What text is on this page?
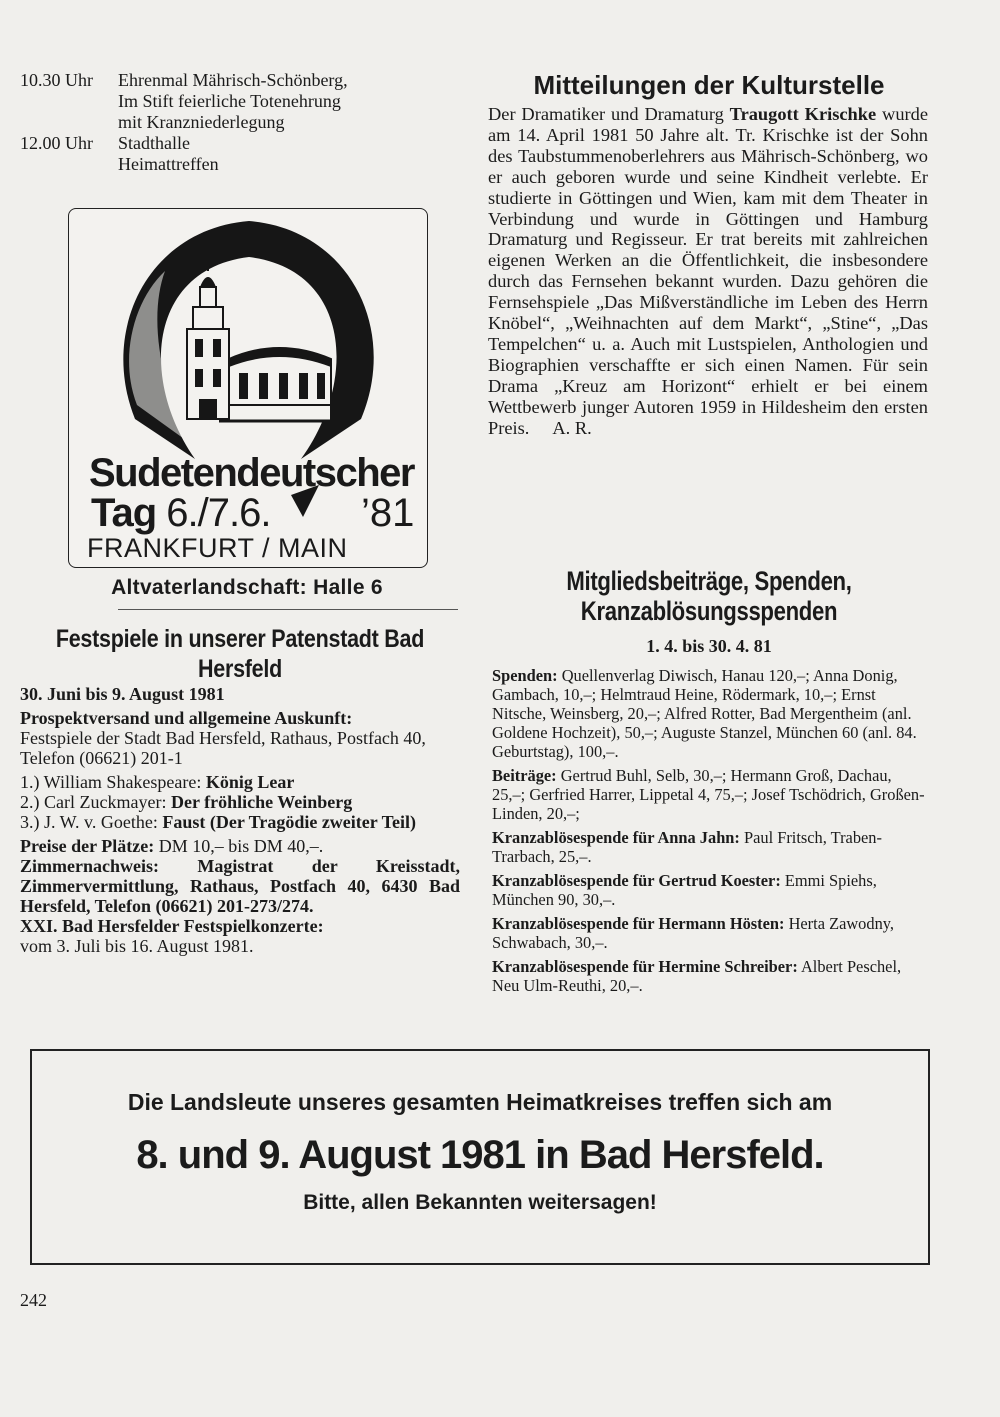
10.30 Uhr	Ehrenmal Mährisch-Schönberg,
Im Stift feierliche Totenehrung
mit Kranzniederlegung
12.00 Uhr	Stadthalle
Heimattreffen
Sudetendeutscher
Tag 6./7.6. ’81
FRANKFURT / MAIN
Altvaterlandschaft: Halle 6
Festspiele in unserer Patenstadt Bad Hersfeld

30. Juni bis 9. August 1981

Prospektversand und allgemeine Auskunft:
Festspiele der Stadt Bad Hersfeld, Rathaus, Postfach 40, Telefon (06621) 201-1

1.) William Shakespeare: König Lear
2.) Carl Zuckmayer: Der fröhliche Weinberg

3.) J. W. v. Goethe: Faust (Der Tragödie zweiter Teil)

Preise der Plätze: DM 10,– bis DM 40,–.
Zimmernachweis: Magistrat der Kreisstadt, Zimmervermittlung, Rathaus, Postfach 40, 6430 Bad Hersfeld, Telefon (06621) 201-273/274.
XXI. Bad Hersfelder Festspielkonzerte:
vom 3. Juli bis 16. August 1981.
Mitteilungen der Kulturstelle

Der Dramatiker und Dramaturg Traugott Krischke wurde am 14. April 1981 50 Jahre alt. Tr. Krischke ist der Sohn des Taubstummenoberlehrers aus Mährisch-Schönberg, wo er auch geboren wurde und seine Kindheit verlebte. Er studierte in Göttingen und Wien, kam mit dem Theater in Verbindung und wurde in Göttingen und Hamburg Dramaturg und Regisseur. Er trat bereits mit zahlreichen eigenen Werken an die Öffentlichkeit, die insbesondere durch das Fernsehen bekannt wurden. Dazu gehören die Fernsehspiele „Das Mißverständliche im Leben des Herrn Knöbel“, „Weihnachten auf dem Markt“, „Stine“, „Das Tempelchen“ u. a. Auch mit Lustspielen, Anthologien und Biographien verschaffte er sich einen Namen. Für sein Drama „Kreuz am Horizont“ erhielt er bei einem Wettbewerb junger Autoren 1959 in Hildesheim den ersten Preis. A. R.

Mitgliedsbeiträge, Spenden, Kranzablösungsspenden
1. 4. bis 30. 4. 81

Spenden: Quellenverlag Diwisch, Hanau 120,–; Anna Donig, Gambach, 10,–; Helmtraud Heine, Rödermark, 10,–; Ernst Nitsche, Weinsberg, 20,–; Alfred Rotter, Bad Mergentheim (anl. Goldene Hochzeit), 50,–; Auguste Stanzel, München 60 (anl. 84. Geburtstag), 100,–.

Beiträge: Gertrud Buhl, Selb, 30,–; Hermann Groß, Dachau, 25,–; Gerfried Harrer, Lippetal 4, 75,–; Josef Tschödrich, Großen-Linden, 20,–;

Kranzablösespende für Anna Jahn: Paul Fritsch, Traben-Trarbach, 25,–.

Kranzablösespende für Gertrud Koester: Emmi Spiehs, München 90, 30,–.

Kranzablösespende für Hermann Hösten: Herta Zawodny, Schwabach, 30,–.

Kranzablösespende für Hermine Schreiber: Albert Peschel, Neu Ulm-Reuthi, 20,–.

Die Landsleute unseres gesamten Heimatkreises treffen sich am
8. und 9. August 1981 in Bad Hersfeld.
Bitte, allen Bekannten weitersagen!
242
